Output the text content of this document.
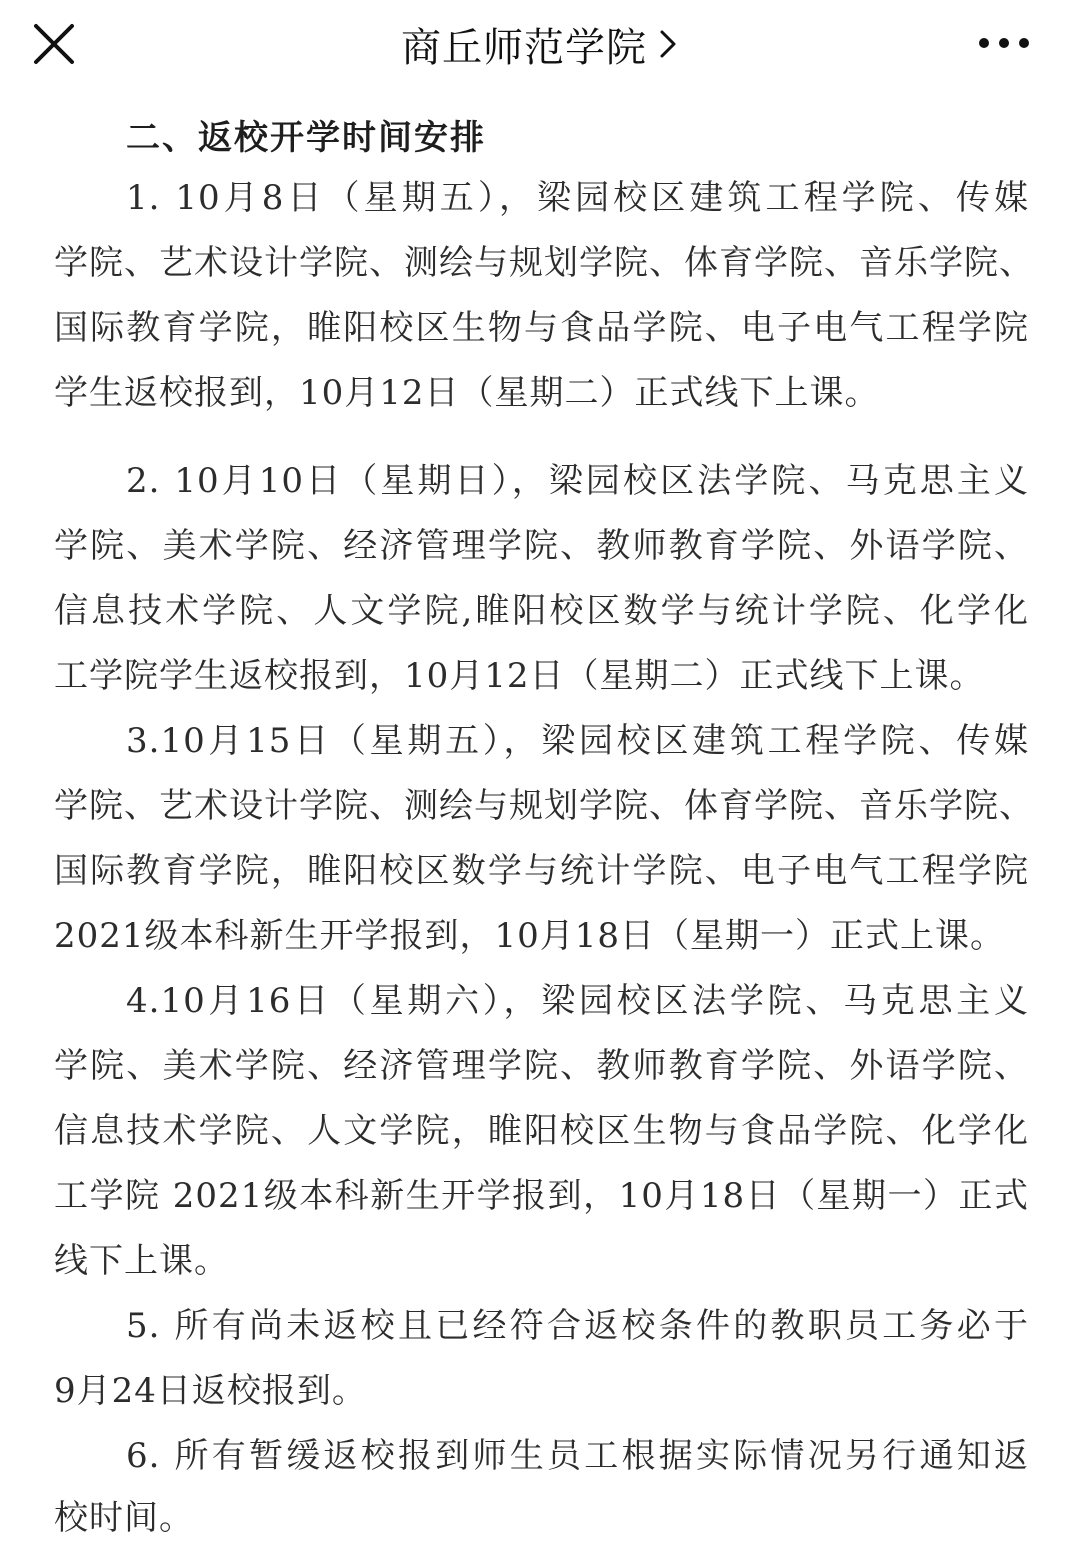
商丘师范学院
二、返校开学时间安排
1. 10月8日（星期五），梁园校区建筑工程学院、传媒
学院、艺术设计学院、测绘与规划学院、体育学院、音乐学院、
国际教育学院，睢阳校区生物与食品学院、电子电气工程学院
学生返校报到，10月12日（星期二）正式线下上课。
2. 10月10日（星期日），梁园校区法学院、马克思主义
学院、美术学院、经济管理学院、教师教育学院、外语学院、
信息技术学院、人文学院,睢阳校区数学与统计学院、化学化
工学院学生返校报到，10月12日（星期二）正式线下上课。
3.10月15日（星期五），梁园校区建筑工程学院、传媒
学院、艺术设计学院、测绘与规划学院、体育学院、音乐学院、
国际教育学院，睢阳校区数学与统计学院、电子电气工程学院
2021级本科新生开学报到，10月18日（星期一）正式上课。
4.10月16日（星期六），梁园校区法学院、马克思主义
学院、美术学院、经济管理学院、教师教育学院、外语学院、
信息技术学院、人文学院，睢阳校区生物与食品学院、化学化
工学院 2021级本科新生开学报到，10月18日（星期一）正式
线下上课。
5. 所有尚未返校且已经符合返校条件的教职员工务必于
9月24日返校报到。
6. 所有暂缓返校报到师生员工根据实际情况另行通知返
校时间。
